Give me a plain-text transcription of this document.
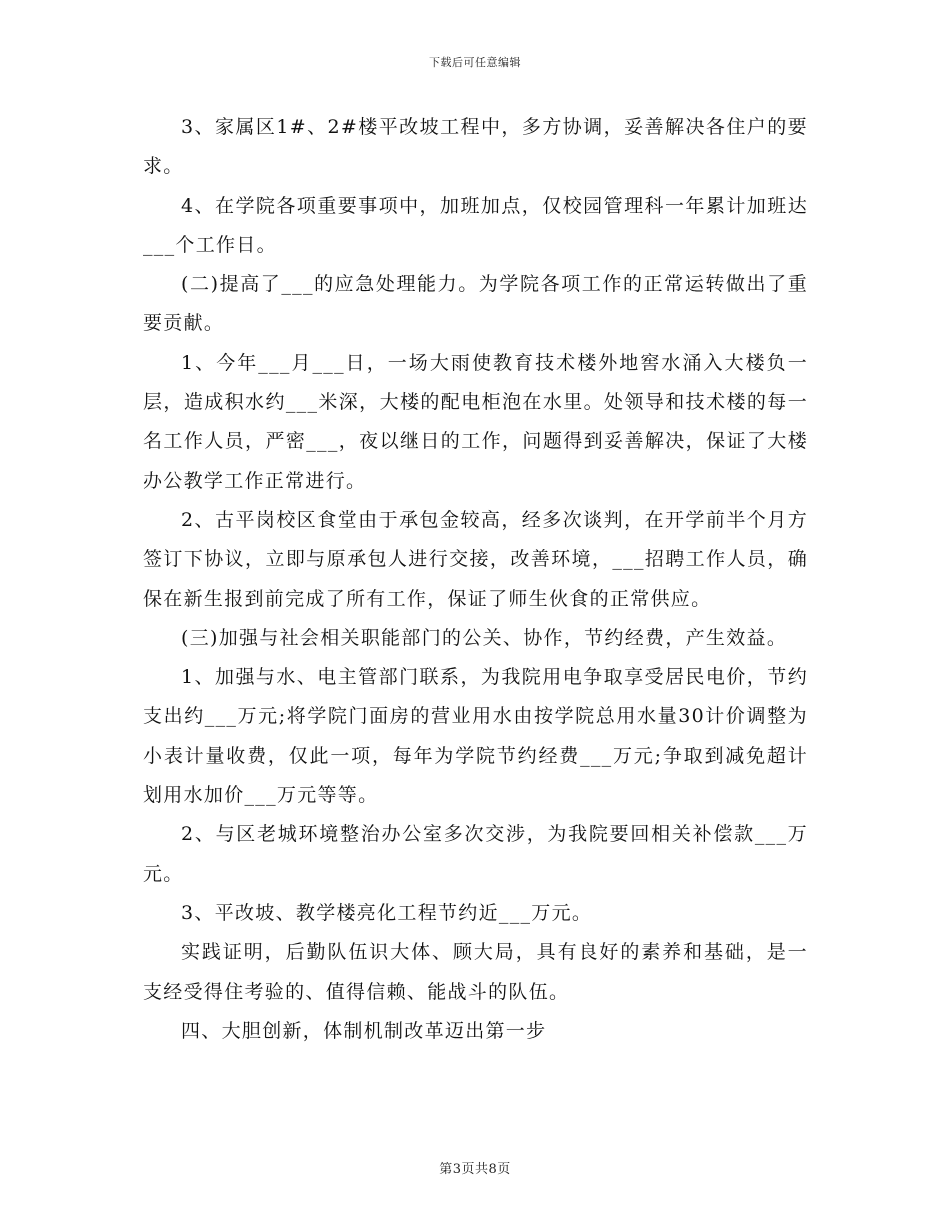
下载后可任意编辑

3、家属区1#、2#楼平改坡工程中，多方协调，妥善解决各住户的要求。

4、在学院各项重要事项中，加班加点，仅校园管理科一年累计加班达___个工作日。

(二)提高了___的应急处理能力。为学院各项工作的正常运转做出了重要贡献。

1、今年___月___日，一场大雨使教育技术楼外地窖水涌入大楼负一层，造成积水约___米深，大楼的配电柜泡在水里。处领导和技术楼的每一名工作人员，严密___，夜以继日的工作，问题得到妥善解决，保证了大楼办公教学工作正常进行。

2、古平岗校区食堂由于承包金较高，经多次谈判，在开学前半个月方签订下协议，立即与原承包人进行交接，改善环境，___招聘工作人员，确保在新生报到前完成了所有工作，保证了师生伙食的正常供应。

(三)加强与社会相关职能部门的公关、协作，节约经费，产生效益。

1、加强与水、电主管部门联系，为我院用电争取享受居民电价，节约支出约___万元;将学院门面房的营业用水由按学院总用水量30计价调整为小表计量收费，仅此一项，每年为学院节约经费___万元;争取到减免超计划用水加价___万元等等。

2、与区老城环境整治办公室多次交涉，为我院要回相关补偿款___万元。

3、平改坡、教学楼亮化工程节约近___万元。

实践证明，后勤队伍识大体、顾大局，具有良好的素养和基础，是一支经受得住考验的、值得信赖、能战斗的队伍。

四、大胆创新，体制机制改革迈出第一步

第3页共8页
